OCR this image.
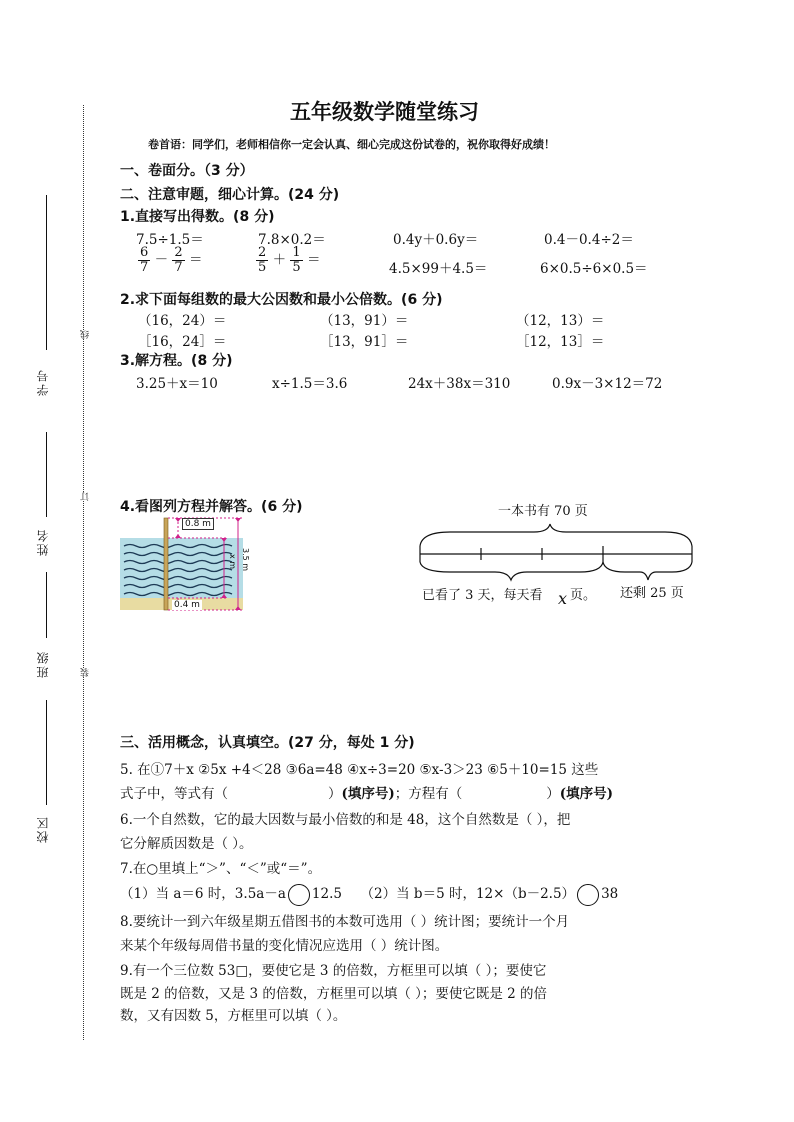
线
订
装
学号
姓名
班级
校区
五年级数学随堂练习
卷首语：同学们，老师相信你一定会认真、细心完成这份试卷的，祝你取得好成绩！
一、卷面分。（3 分）
二、注意审题，细心计算。(24 分)
1.直接写出得数。(8 分)
7.5÷1.5＝	7.8×0.2＝	0.4y＋0.6y＝	0.4－0.4÷2＝
$\frac{6}{7} - \frac{2}{7}$ ＝	$\frac{2}{5} + \frac{1}{5}$ ＝
4.5×99＋4.5＝	6×0.5÷6×0.5＝
2.求下面每组数的最大公因数和最小公倍数。(6 分)
（16，24）＝	（13，91）＝	（12，13）＝
［16，24］＝	［13，91］＝	［12，13］＝
3.解方程。(8 分)
3.25＋x＝10	x÷1.5＝3.6	24x＋38x＝310	0.9x－3×12＝72
4.看图列方程并解答。(6 分)
0.8 m
x m 3.5 m
0.4 m
一本书有 70 页
已看了 3 天，每天看 x 页。 还剩 25 页
三、活用概念，认真填空。(27 分，每处 1 分)
5. 在①7＋x ②5x +4＜28 ③6a=48 ④x÷3=20 ⑤x-3＞23 ⑥5＋10=15 这些
式子中，等式有（	）(填序号)；方程有（	）(填序号)
6.一个自然数，它的最大因数与最小倍数的和是 48，这个自然数是（ ），把
它分解质因数是（ ）。
7.在○里填上“＞”、“＜”或“＝”。
（1）当 a＝6 时，3.5a－a 12.5 （2）当 b＝5 时，12×（b－2.5） 38
8.要统计一到六年级星期五借图书的本数可选用（ ）统计图；要统计一个月
来某个年级每周借书量的变化情况应选用（ ）统计图。
9.有一个三位数 53□，要使它是 3 的倍数，方框里可以填（ ）；要使它
既是 2 的倍数，又是 3 的倍数，方框里可以填（ ）；要使它既是 2 的倍
数，又有因数 5，方框里可以填（ ）。
